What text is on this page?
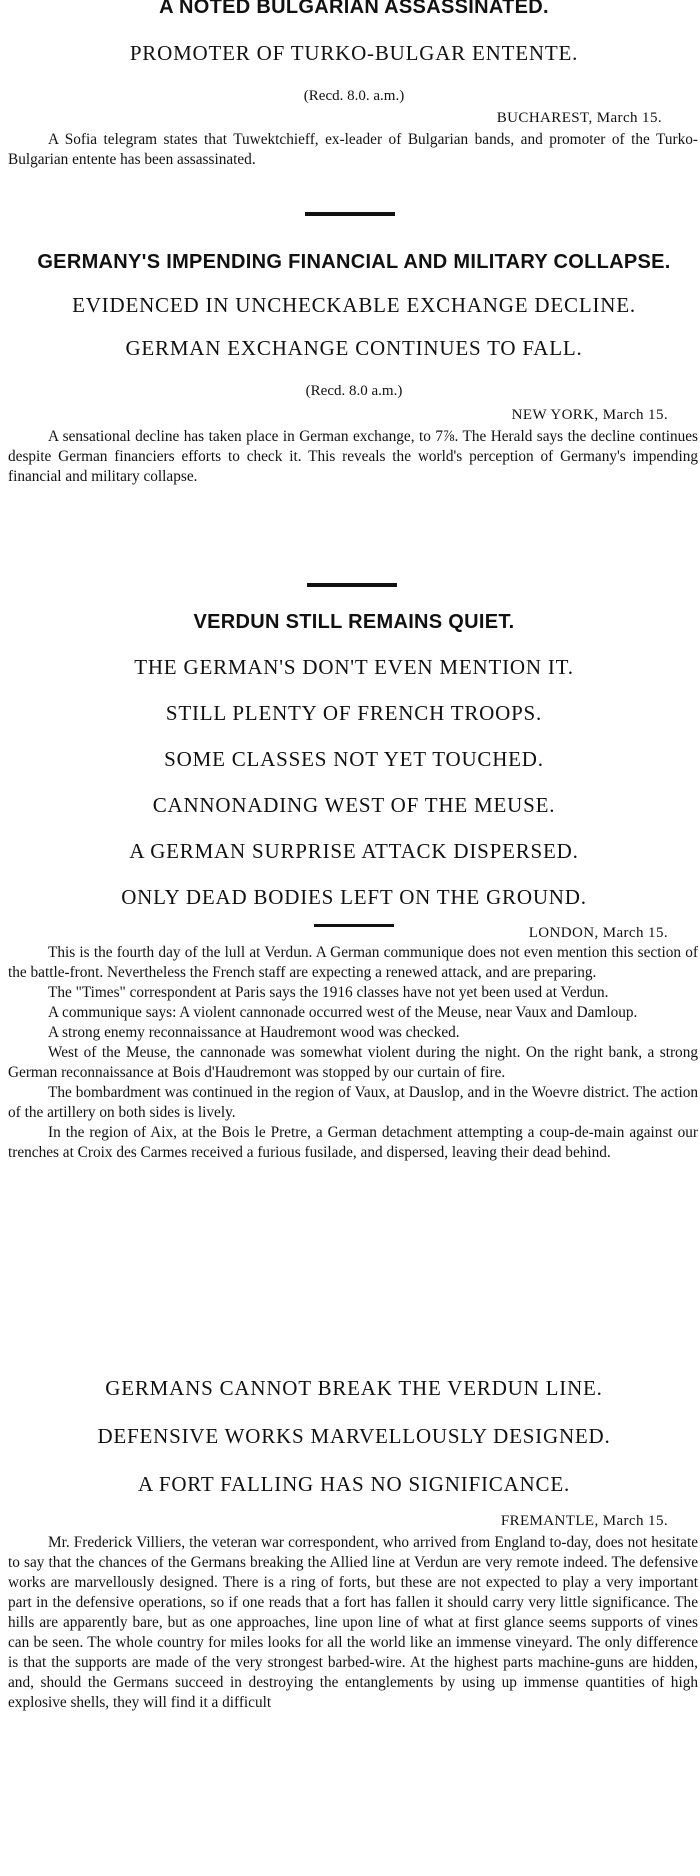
A NOTED BULGARIAN ASSASSINATED.
PROMOTER OF TURKO-BULGAR ENTENTE.
(Recd. 8.0. a.m.)
BUCHAREST, March 15.

A Sofia telegram states that Tuwektchieff, ex-leader of Bulgarian bands, and promoter of the Turko-Bulgarian entente has been assassinated.

GERMANY'S IMPENDING FINANCIAL AND MILITARY COLLAPSE.
EVIDENCED IN UNCHECKABLE EXCHANGE DECLINE.
GERMAN EXCHANGE CONTINUES TO FALL.
(Recd. 8.0 a.m.)
NEW YORK, March 15.

A sensational decline has taken place in German exchange, to 7⅞. The Herald says the decline continues despite German financiers efforts to check it. This reveals the world's perception of Germany's impending financial and military collapse.

VERDUN STILL REMAINS QUIET.
THE GERMAN'S DON'T EVEN MENTION IT.
STILL PLENTY OF FRENCH TROOPS.
SOME CLASSES NOT YET TOUCHED.
CANNONADING WEST OF THE MEUSE.
A GERMAN SURPRISE ATTACK DISPERSED.
ONLY DEAD BODIES LEFT ON THE GROUND.
LONDON, March 15.

This is the fourth day of the lull at Verdun. A German communique does not even mention this section of the battle-front. Nevertheless the French staff are expecting a renewed attack, and are preparing.

The "Times" correspondent at Paris says the 1916 classes have not yet been used at Verdun.

A communique says: A violent cannonade occurred west of the Meuse, near Vaux and Damloup.

A strong enemy reconnaissance at Haudremont wood was checked.

West of the Meuse, the cannonade was somewhat violent during the night. On the right bank, a strong German reconnaissance at Bois d'Haudremont was stopped by our curtain of fire.

The bombardment was continued in the region of Vaux, at Dauslop, and in the Woevre district. The action of the artillery on both sides is lively.

In the region of Aix, at the Bois le Pretre, a German detachment attempting a coup-de-main against our trenches at Croix des Carmes received a furious fusilade, and dispersed, leaving their dead behind.

GERMANS CANNOT BREAK THE VERDUN LINE.
DEFENSIVE WORKS MARVELLOUSLY DESIGNED.
A FORT FALLING HAS NO SIGNIFICANCE.
FREMANTLE, March 15.

Mr. Frederick Villiers, the veteran war correspondent, who arrived from England to-day, does not hesitate to say that the chances of the Germans breaking the Allied line at Verdun are very remote indeed. The defensive works are marvellously designed. There is a ring of forts, but these are not expected to play a very important part in the defensive operations, so if one reads that a fort has fallen it should carry very little significance. The hills are apparently bare, but as one approaches, line upon line of what at first glance seems supports of vines can be seen. The whole country for miles looks for all the world like an immense vineyard. The only difference is that the supports are made of the very strongest barbed-wire. At the highest parts machine-guns are hidden, and, should the Germans succeed in destroying the entanglements by using up immense quantities of high explosive shells, they will find it a difficult
